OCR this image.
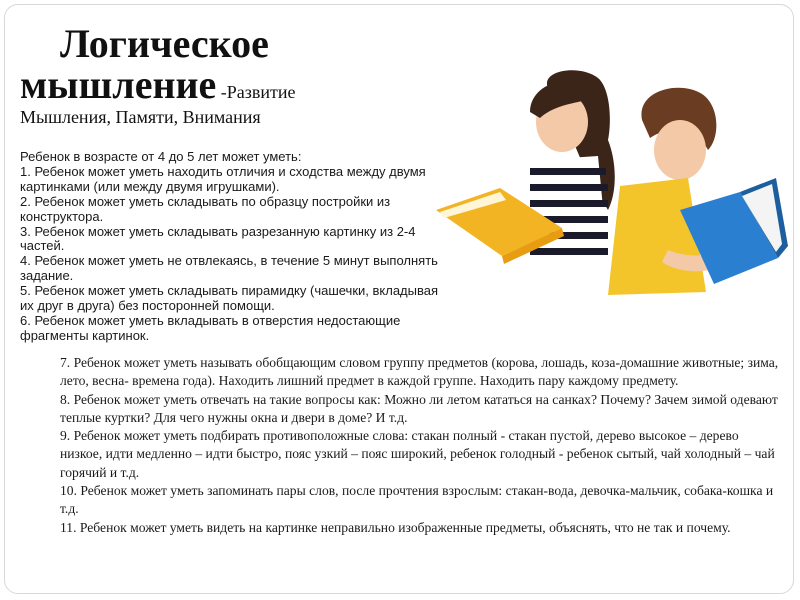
Логическое
мышление -Развитие
Мышления, Памяти, Внимания
Ребенок в возрасте от 4 до 5 лет может уметь:
1. Ребенок может уметь находить отличия и сходства между двумя картинками (или между двумя игрушками).
2. Ребенок может уметь складывать по образцу постройки из конструктора.
3. Ребенок может уметь складывать разрезанную картинку из 2-4 частей.
4. Ребенок может уметь не отвлекаясь, в течение 5 минут выполнять задание.
5. Ребенок может уметь складывать пирамидку (чашечки, вкладывая их друг в друга) без посторонней помощи.
6. Ребенок может уметь вкладывать в отверстия недостающие фрагменты картинок.
7. Ребенок может уметь называть обобщающим словом группу предметов (корова, лошадь, коза-домашние животные; зима, лето, весна- времена года). Находить лишний предмет в каждой группе. Находить пару каждому предмету.
8. Ребенок может уметь отвечать на такие вопросы как: Можно ли летом кататься на санках? Почему? Зачем зимой одевают теплые куртки? Для чего нужны окна и двери в доме? И т.д.
9. Ребенок может уметь подбирать противоположные слова: стакан полный - стакан пустой, дерево высокое – дерево низкое, идти медленно – идти быстро, пояс узкий – пояс широкий, ребенок голодный - ребенок сытый, чай холодный – чай горячий и т.д.
10. Ребенок может уметь запоминать пары слов, после прочтения взрослым: стакан-вода, девочка-мальчик, собака-кошка и т.д.
11. Ребенок может уметь видеть на картинке неправильно изображенные предметы, объяснять, что не так и почему.
